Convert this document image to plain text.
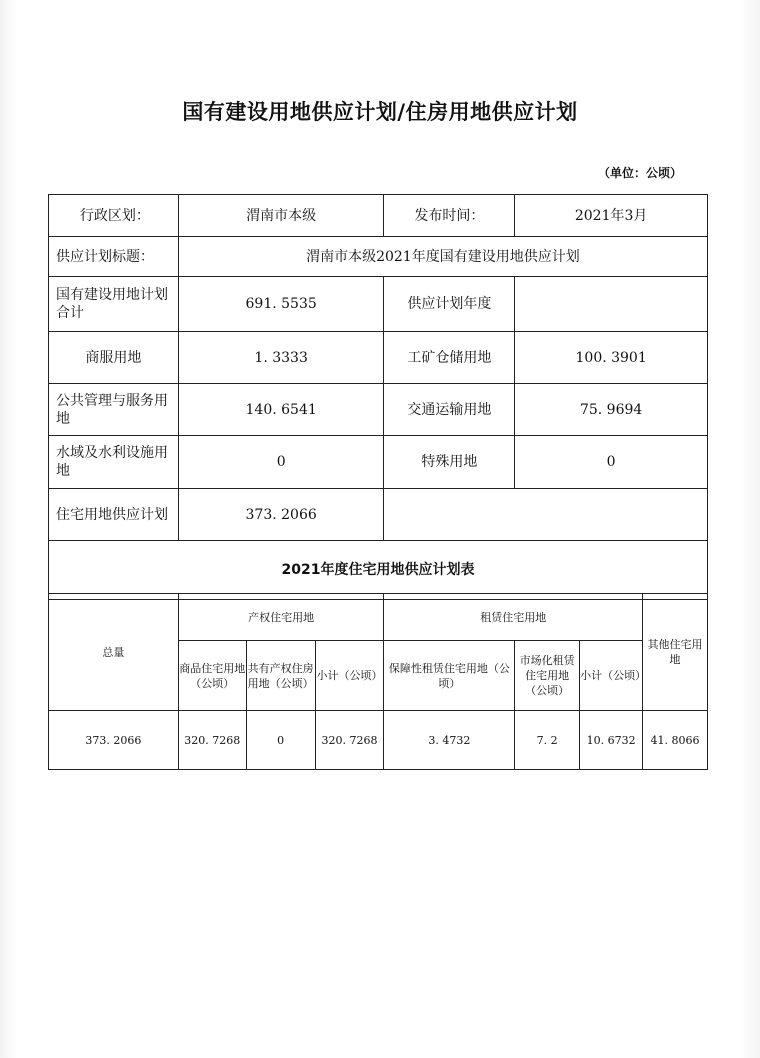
国有建设用地供应计划/住房用地供应计划
（单位：公顷）
行政区划：	渭南市本级	发布时间：	2021年3月
供应计划标题：	渭南市本级2021年度国有建设用地供应计划		
国有建设用地计划合计	691. 5535	供应计划年度	
商服用地	1. 3333	工矿仓储用地	100. 3901
公共管理与服务用地	140. 6541	交通运输用地	75. 9694
水域及水利设施用地	0	特殊用地	0
住宅用地供应计划	373. 2066		
2021年度住宅用地供应计划表			
总量	产权住宅用地			租赁住宅用地			其他住宅用地
	商品住宅用地（公顷）	共有产权住房用地（公顷）	小计（公顷）	保障性租赁住宅用地（公顷）	市场化租赁住宅用地（公顷）	小计（公顷）	
373. 2066	320. 7268	0	320. 7268	3. 4732	7. 2	10. 6732	41. 8066
